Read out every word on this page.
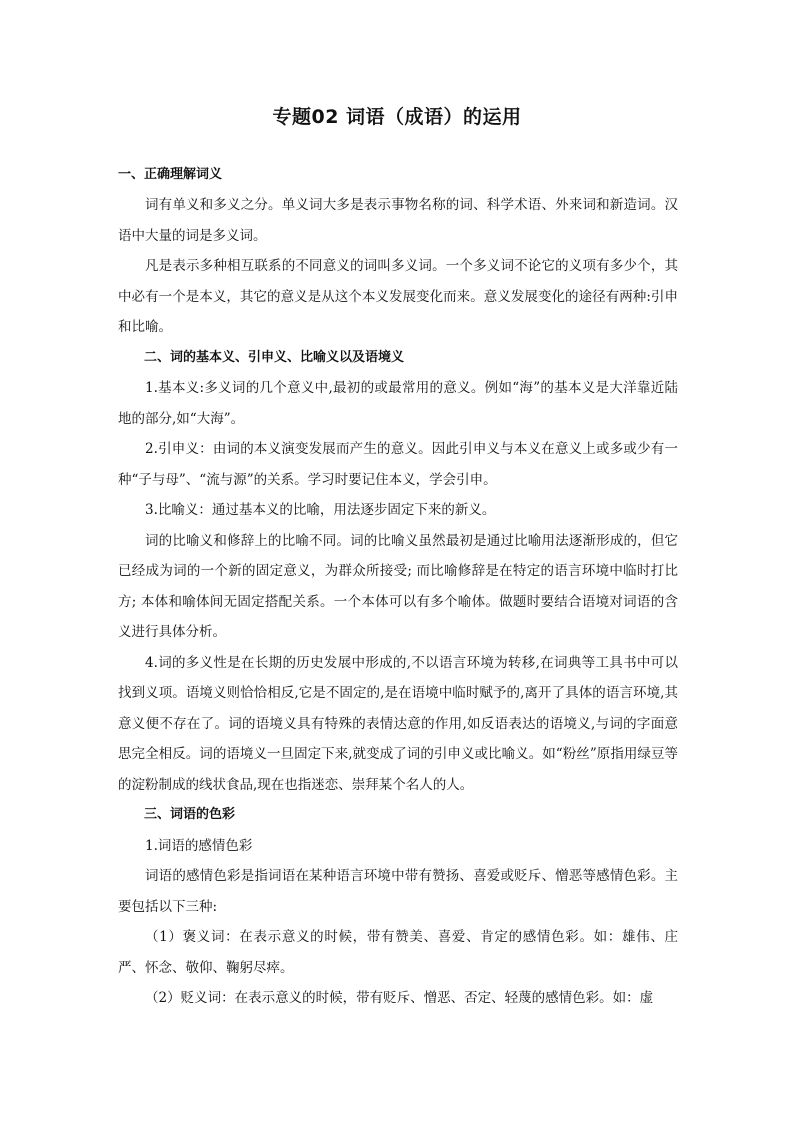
专题02 词语（成语）的运用
一、正确理解词义

词有单义和多义之分。单义词大多是表示事物名称的词、科学术语、外来词和新造词。汉语中大量的词是多义词。

凡是表示多种相互联系的不同意义的词叫多义词。一个多义词不论它的义项有多少个，其中必有一个是本义，其它的意义是从这个本义发展变化而来。意义发展变化的途径有两种:引申和比喻。

二、词的基本义、引申义、比喻义以及语境义

1.基本义:多义词的几个意义中,最初的或最常用的意义。例如“海”的基本义是大洋靠近陆地的部分,如“大海”。

2.引申义：由词的本义演变发展而产生的意义。因此引申义与本义在意义上或多或少有一种“子与母”、“流与源”的关系。学习时要记住本义，学会引申。

3.比喻义：通过基本义的比喻，用法逐步固定下来的新义。

词的比喻义和修辞上的比喻不同。词的比喻义虽然最初是通过比喻用法逐渐形成的，但它已经成为词的一个新的固定意义，为群众所接受; 而比喻修辞是在特定的语言环境中临时打比方; 本体和喻体间无固定搭配关系。一个本体可以有多个喻体。做题时要结合语境对词语的含义进行具体分析。

4.词的多义性是在长期的历史发展中形成的,不以语言环境为转移,在词典等工具书中可以找到义项。语境义则恰恰相反,它是不固定的,是在语境中临时赋予的,离开了具体的语言环境,其意义便不存在了。词的语境义具有特殊的表情达意的作用,如反语表达的语境义,与词的字面意思完全相反。词的语境义一旦固定下来,就变成了词的引申义或比喻义。如“粉丝”原指用绿豆等的淀粉制成的线状食品,现在也指迷恋、崇拜某个名人的人。

三、词语的色彩

1.词语的感情色彩

词语的感情色彩是指词语在某种语言环境中带有赞扬、喜爱或贬斥、憎恶等感情色彩。主要包括以下三种:

（1）褒义词：在表示意义的时候，带有赞美、喜爱、肯定的感情色彩。如：雄伟、庄严、怀念、敬仰、鞠躬尽瘁。

（2）贬义词：在表示意义的时候，带有贬斥、憎恶、否定、轻蔑的感情色彩。如：虚
